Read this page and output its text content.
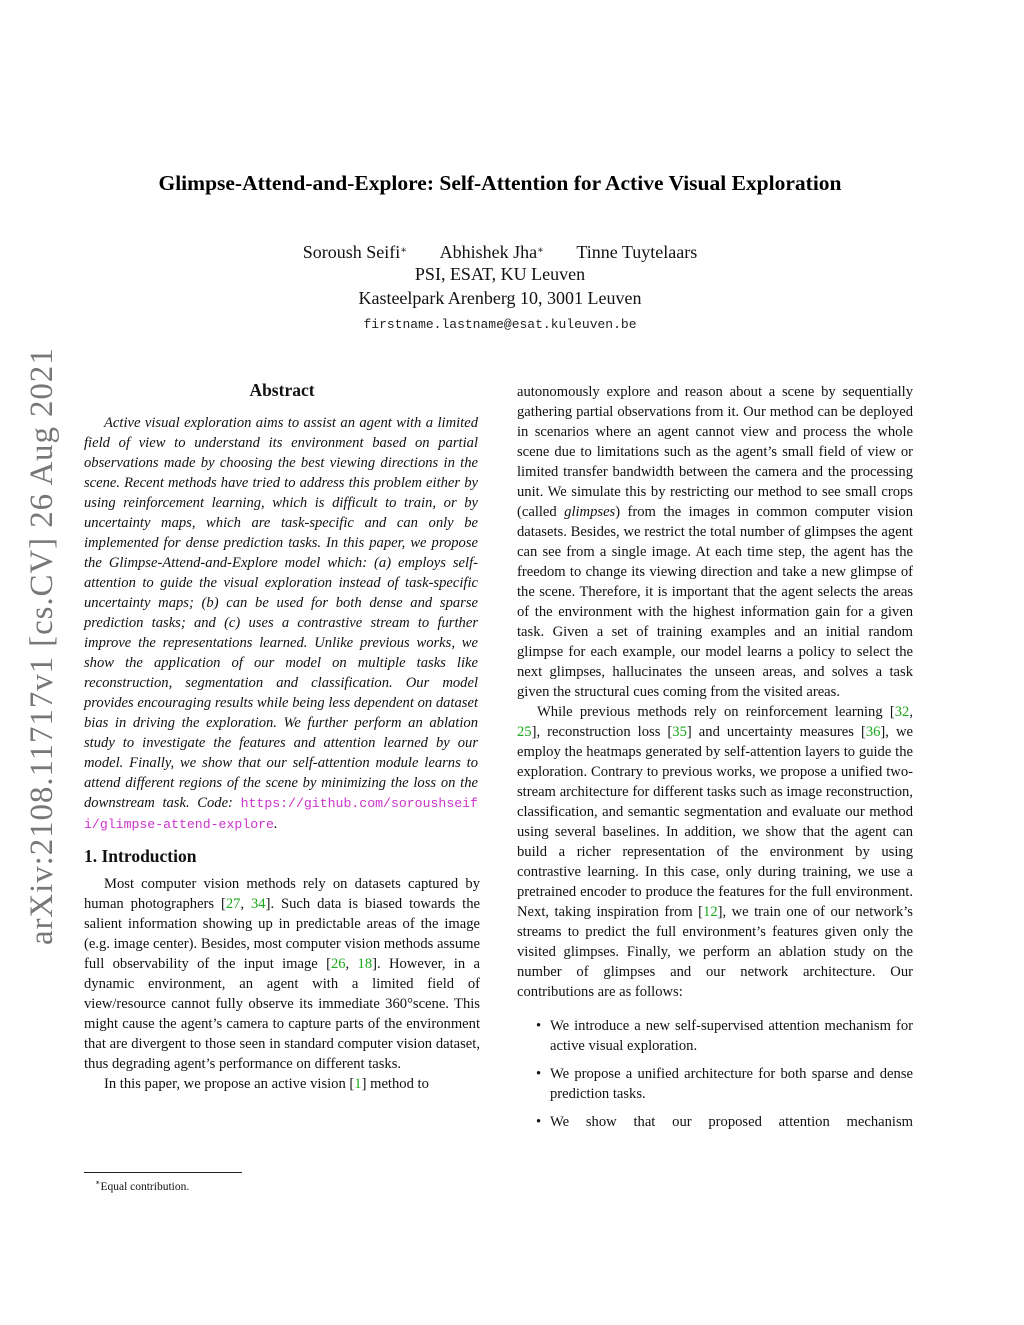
arXiv:2108.11717v1 [cs.CV] 26 Aug 2021
Glimpse-Attend-and-Explore: Self-Attention for Active Visual Exploration
Soroush Seifi∗ Abhishek Jha∗ Tinne Tuytelaars
PSI, ESAT, KU Leuven
Kasteelpark Arenberg 10, 3001 Leuven
firstname.lastname@esat.kuleuven.be
Abstract

Active visual exploration aims to assist an agent with a limited field of view to understand its environment based on partial observations made by choosing the best viewing directions in the scene. Recent methods have tried to address this problem either by using reinforcement learning, which is difficult to train, or by uncertainty maps, which are task-specific and can only be implemented for dense prediction tasks. In this paper, we propose the Glimpse-Attend-and-Explore model which: (a) employs self-attention to guide the visual exploration instead of task-specific uncertainty maps; (b) can be used for both dense and sparse prediction tasks; and (c) uses a contrastive stream to further improve the representations learned. Unlike previous works, we show the application of our model on multiple tasks like reconstruction, segmentation and classification. Our model provides encouraging results while being less dependent on dataset bias in driving the exploration. We further perform an ablation study to investigate the features and attention learned by our model. Finally, we show that our self-attention module learns to attend different regions of the scene by minimizing the loss on the downstream task. Code: https://github.com/soroushseifi/glimpse-attend-explore.

1. Introduction

Most computer vision methods rely on datasets captured by human photographers [27, 34]. Such data is biased towards the salient information showing up in predictable areas of the image (e.g. image center). Besides, most computer vision methods assume full observability of the input image [26, 18]. However, in a dynamic environment, an agent with a limited field of view/resource cannot fully observe its immediate 360°scene. This might cause the agent’s camera to capture parts of the environment that are divergent to those seen in standard computer vision dataset, thus degrading agent’s performance on different tasks.

In this paper, we propose an active vision [1] method to

autonomously explore and reason about a scene by sequentially gathering partial observations from it. Our method can be deployed in scenarios where an agent cannot view and process the whole scene due to limitations such as the agent’s small field of view or limited transfer bandwidth between the camera and the processing unit. We simulate this by restricting our method to see small crops (called glimpses) from the images in common computer vision datasets. Besides, we restrict the total number of glimpses the agent can see from a single image. At each time step, the agent has the freedom to change its viewing direction and take a new glimpse of the scene. Therefore, it is important that the agent selects the areas of the environment with the highest information gain for a given task. Given a set of training examples and an initial random glimpse for each example, our model learns a policy to select the next glimpses, hallucinates the unseen areas, and solves a task given the structural cues coming from the visited areas.

While previous methods rely on reinforcement learning [32, 25], reconstruction loss [35] and uncertainty measures [36], we employ the heatmaps generated by self-attention layers to guide the exploration. Contrary to previous works, we propose a unified two-stream architecture for different tasks such as image reconstruction, classification, and semantic segmentation and evaluate our method using several baselines. In addition, we show that the agent can build a richer representation of the environment by using contrastive learning. In this case, only during training, we use a pretrained encoder to produce the features for the full environment. Next, taking inspiration from [12], we train one of our network’s streams to predict the full environment’s features given only the visited glimpses. Finally, we perform an ablation study on the number of glimpses and our network architecture. Our contributions are as follows:

• We introduce a new self-supervised attention mechanism for active visual exploration.
• We propose a unified architecture for both sparse and dense prediction tasks.
• We show that our proposed attention mechanism
∗Equal contribution.
